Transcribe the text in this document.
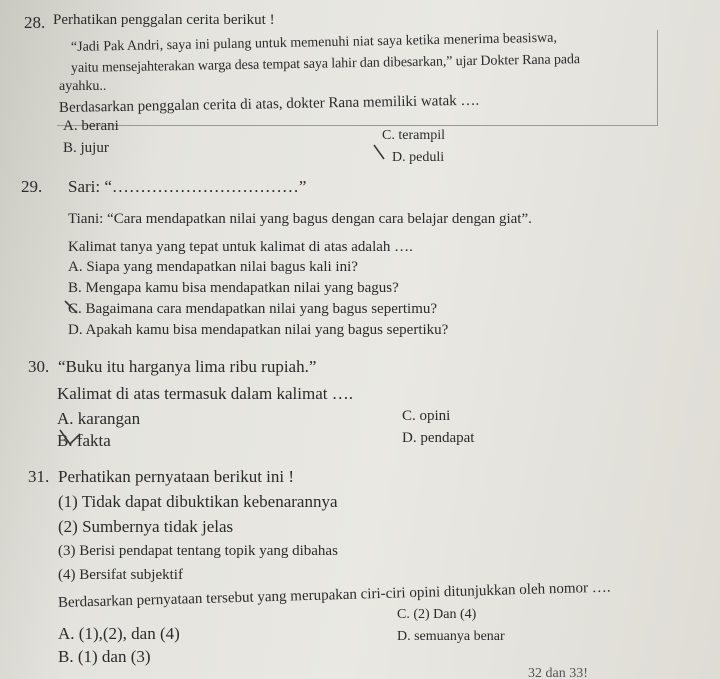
28. Perhatikan penggalan cerita berikut !
“Jadi Pak Andri, saya ini pulang untuk memenuhi niat saya ketika menerima beasiswa,
yaitu mensejahterakan warga desa tempat saya lahir dan dibesarkan,” ujar Dokter Rana pada
ayahku..
Berdasarkan penggalan cerita di atas, dokter Rana memiliki watak ….
A. berani
B. jujur
C. terampil
D. peduli
29. Sari: “……………………………”
Tiani: “Cara mendapatkan nilai yang bagus dengan cara belajar dengan giat”.
Kalimat tanya yang tepat untuk kalimat di atas adalah ….
A. Siapa yang mendapatkan nilai bagus kali ini?
B. Mengapa kamu bisa mendapatkan nilai yang bagus?
C. Bagaimana cara mendapatkan nilai yang bagus sepertimu?
D. Apakah kamu bisa mendapatkan nilai yang bagus sepertiku?
30. “Buku itu harganya lima ribu rupiah.”
Kalimat di atas termasuk dalam kalimat ….
A. karangan
B. fakta
C. opini
D. pendapat
31. Perhatikan pernyataan berikut ini !
(1) Tidak dapat dibuktikan kebenarannya
(2) Sumbernya tidak jelas
(3) Berisi pendapat tentang topik yang dibahas
(4) Bersifat subjektif
Berdasarkan pernyataan tersebut yang merupakan ciri-ciri opini ditunjukkan oleh nomor ….
A. (1),(2), dan (4)
B. (1) dan (3)
C. (2) Dan (4)
D. semuanya benar
32 dan 33!
